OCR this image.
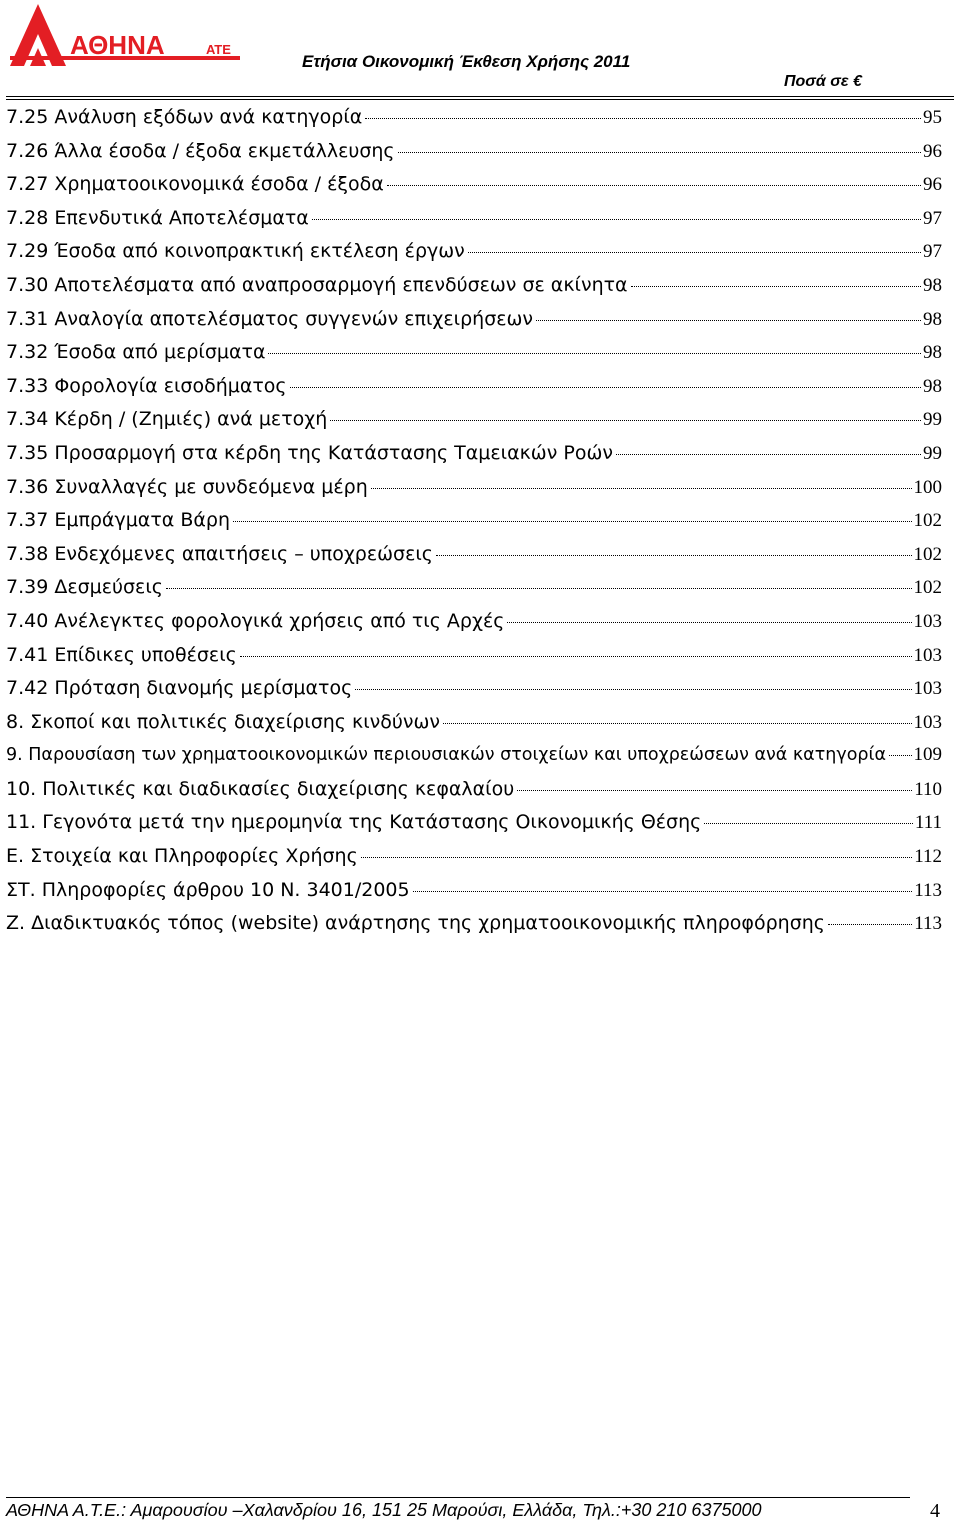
ΑΘΗΝΑ	ΑΤΕ
Ετήσια Οικονομική Έκθεση Χρήσης 2011
Ποσά σε €
7.25 Ανάλυση εξόδων ανά κατηγορία	95
7.26 Άλλα έσοδα / έξοδα εκμετάλλευσης	96
7.27 Χρηματοοικονομικά έσοδα / έξοδα	96
7.28 Επενδυτικά Αποτελέσματα	97
7.29 Έσοδα από κοινοπρακτική εκτέλεση έργων	97
7.30 Αποτελέσματα από αναπροσαρμογή επενδύσεων σε ακίνητα	98
7.31 Αναλογία αποτελέσματος συγγενών επιχειρήσεων	98
7.32 Έσοδα από μερίσματα	98
7.33 Φορολογία εισοδήματος	98
7.34 Κέρδη / (Ζημιές) ανά μετοχή	99
7.35 Προσαρμογή στα κέρδη της Κατάστασης Ταμειακών Ροών	99
7.36 Συναλλαγές με συνδεόμενα μέρη	100
7.37 Εμπράγματα Βάρη	102
7.38 Ενδεχόμενες απαιτήσεις – υποχρεώσεις	102
7.39 Δεσμεύσεις	102
7.40 Ανέλεγκτες φορολογικά χρήσεις από τις Αρχές	103
7.41 Επίδικες υποθέσεις	103
7.42 Πρόταση διανομής μερίσματος	103
8. Σκοποί και πολιτικές διαχείρισης κινδύνων	103
9. Παρουσίαση των χρηματοοικονομικών περιουσιακών στοιχείων και υποχρεώσεων ανά κατηγορία 109
10. Πολιτικές και διαδικασίες διαχείρισης κεφαλαίου	110
11. Γεγονότα μετά την ημερομηνία της Κατάστασης Οικονομικής Θέσης	111
Ε. Στοιχεία και Πληροφορίες Χρήσης	112
ΣΤ. Πληροφορίες άρθρου 10 Ν. 3401/2005	113
Ζ. Διαδικτυακός τόπος (website) ανάρτησης της χρηματοοικονομικής πληροφόρησης	113
ΑΘΗΝΑ Α.Τ.Ε.: Αμαρουσίου –Χαλανδρίου 16, 151 25 Μαρούσι, Ελλάδα, Τηλ.:+30 210 6375000	4
